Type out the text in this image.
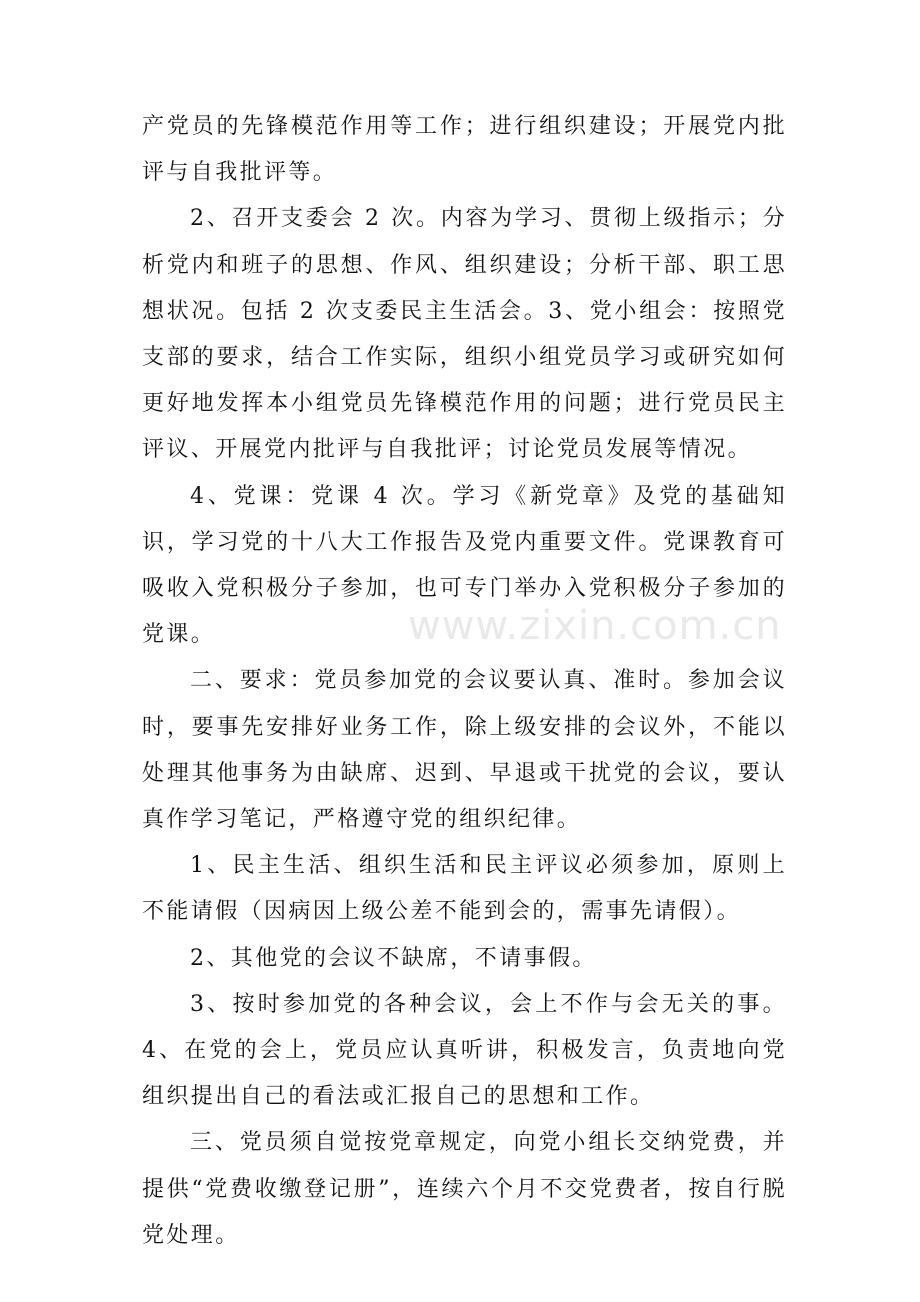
产党员的先锋模范作用等工作；进行组织建设；开展党内批评与自我批评等。

2、召开支委会 2 次。内容为学习、贯彻上级指示；分析党内和班子的思想、作风、组织建设；分析干部、职工思想状况。包括 2 次支委民主生活会。3、党小组会：按照党支部的要求，结合工作实际，组织小组党员学习或研究如何更好地发挥本小组党员先锋模范作用的问题；进行党员民主评议、开展党内批评与自我批评；讨论党员发展等情况。

4、党课：党课 4 次。学习《新党章》及党的基础知识，学习党的十八大工作报告及党内重要文件。党课教育可吸收入党积极分子参加，也可专门举办入党积极分子参加的党课。

二、要求：党员参加党的会议要认真、准时。参加会议时，要事先安排好业务工作，除上级安排的会议外，不能以处理其他事务为由缺席、迟到、早退或干扰党的会议，要认真作学习笔记，严格遵守党的组织纪律。

1、民主生活、组织生活和民主评议必须参加，原则上不能请假（因病因上级公差不能到会的，需事先请假）。

2、其他党的会议不缺席，不请事假。

3、按时参加党的各种会议，会上不作与会无关的事。4、在党的会上，党员应认真听讲，积极发言，负责地向党组织提出自己的看法或汇报自己的思想和工作。

三、党员须自觉按党章规定，向党小组长交纳党费，并提供“党费收缴登记册”，连续六个月不交党费者，按自行脱党处理。

www.zixin.com.cn
